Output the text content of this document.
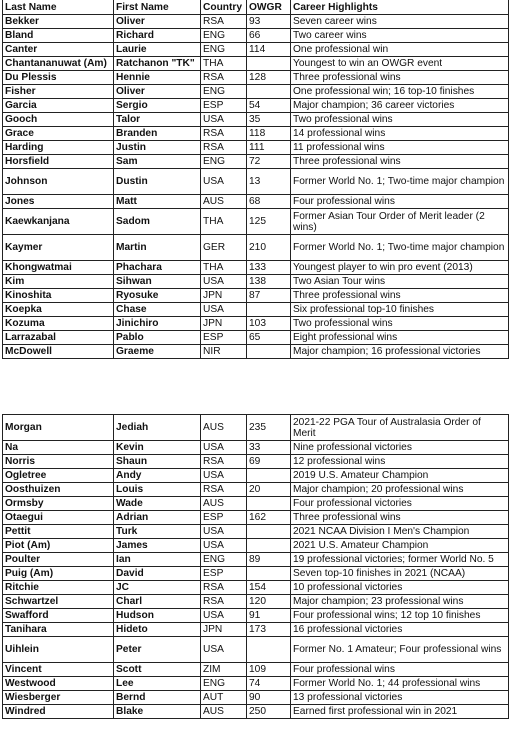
Last Name	First Name	Country	OWGR	Career Highlights
Bekker	Oliver	RSA	93	Seven career wins
Bland	Richard	ENG	66	Two career wins
Canter	Laurie	ENG	114	One professional win
Chantananuwat (Am)	Ratchanon "TK"	THA		Youngest to win an OWGR event
Du Plessis	Hennie	RSA	128	Three professional wins
Fisher	Oliver	ENG		One professional win; 16 top-10 finishes
Garcia	Sergio	ESP	54	Major champion; 36 career victories
Gooch	Talor	USA	35	Two professional wins
Grace	Branden	RSA	118	14 professional wins
Harding	Justin	RSA	111	11 professional wins
Horsfield	Sam	ENG	72	Three professional wins
Johnson	Dustin	USA	13	Former World No. 1; Two-time major champion
Jones	Matt	AUS	68	Four professional wins
Kaewkanjana	Sadom	THA	125	Former Asian Tour Order of Merit leader (2 wins)
Kaymer	Martin	GER	210	Former World No. 1; Two-time major champion
Khongwatmai	Phachara	THA	133	Youngest player to win pro event (2013)
Kim	Sihwan	USA	138	Two Asian Tour wins
Kinoshita	Ryosuke	JPN	87	Three professional wins
Koepka	Chase	USA		Six professional top-10 finishes
Kozuma	Jinichiro	JPN	103	Two professional wins
Larrazabal	Pablo	ESP	65	Eight professional wins
McDowell	Graeme	NIR		Major champion; 16 professional victories
Morgan	Jediah	AUS	235	2021-22 PGA Tour of Australasia Order of Merit
Na	Kevin	USA	33	Nine professional victories
Norris	Shaun	RSA	69	12 professional wins
Ogletree	Andy	USA		2019 U.S. Amateur Champion
Oosthuizen	Louis	RSA	20	Major champion; 20 professional wins
Ormsby	Wade	AUS		Four professional victories
Otaegui	Adrian	ESP	162	Three professional wins
Pettit	Turk	USA		2021 NCAA Division I Men's Champion
Piot (Am)	James	USA		2021 U.S. Amateur Champion
Poulter	Ian	ENG	89	19 professional victories; former World No. 5
Puig (Am)	David	ESP		Seven top-10 finishes in 2021 (NCAA)
Ritchie	JC	RSA	154	10 professional victories
Schwartzel	Charl	RSA	120	Major champion; 23 professional wins
Swafford	Hudson	USA	91	Four professional wins; 12 top 10 finishes
Tanihara	Hideto	JPN	173	16 professional victories
Uihlein	Peter	USA		Former No. 1 Amateur; Four professional wins
Vincent	Scott	ZIM	109	Four professional wins
Westwood	Lee	ENG	74	Former World No. 1; 44 professional wins
Wiesberger	Bernd	AUT	90	13 professional victories
Windred	Blake	AUS	250	Earned first professional win in 2021
